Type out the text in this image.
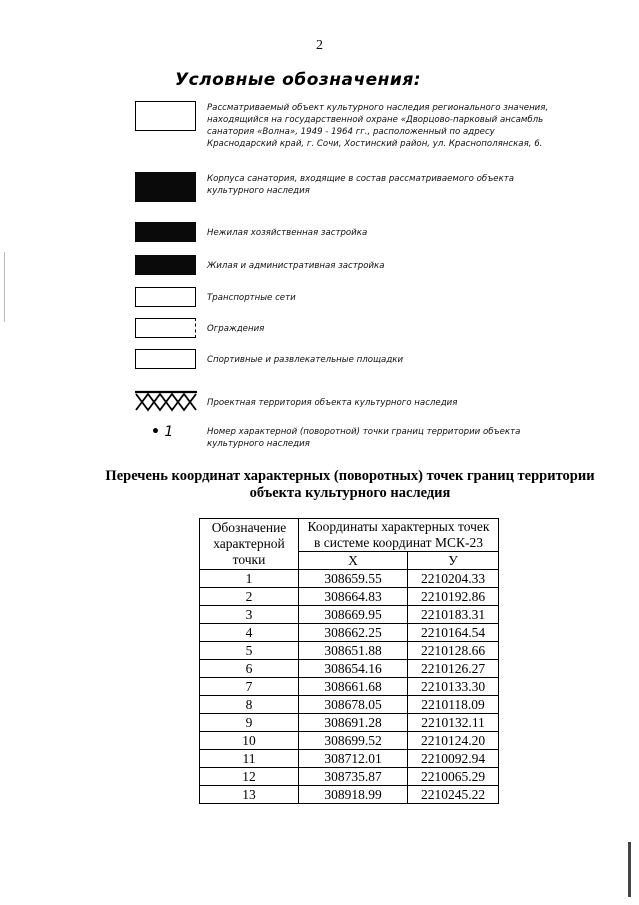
2
Условные обозначения:
Рассматриваемый объект культурного наследия регионального значения, находящийся на государственной охране «Дворцово-парковый ансамбль санатория «Волна», 1949 - 1964 гг., расположенный по адресу Краснодарский край, г. Сочи, Хостинский район, ул. Краснополянская, 6.
Корпуса санатория, входящие в состав рассматриваемого объекта культурного наследия
Нежилая хозяйственная застройка
Жилая и административная застройка
Транспортные сети
Ограждения
Спортивные и развлекательные площадки
Проектная территория объекта культурного наследия
• 1	Номер характерной (поворотной) точки границ территории объекта культурного наследия
Перечень координат характерных (поворотных) точек границ территории объекта культурного наследия
Обозначение характерной точки	Координаты характерных точек в системе координат МСК-23	
	X	У
1	308659.55	2210204.33
2	308664.83	2210192.86
3	308669.95	2210183.31
4	308662.25	2210164.54
5	308651.88	2210128.66
6	308654.16	2210126.27
7	308661.68	2210133.30
8	308678.05	2210118.09
9	308691.28	2210132.11
10	308699.52	2210124.20
11	308712.01	2210092.94
12	308735.87	2210065.29
13	308918.99	2210245.22
